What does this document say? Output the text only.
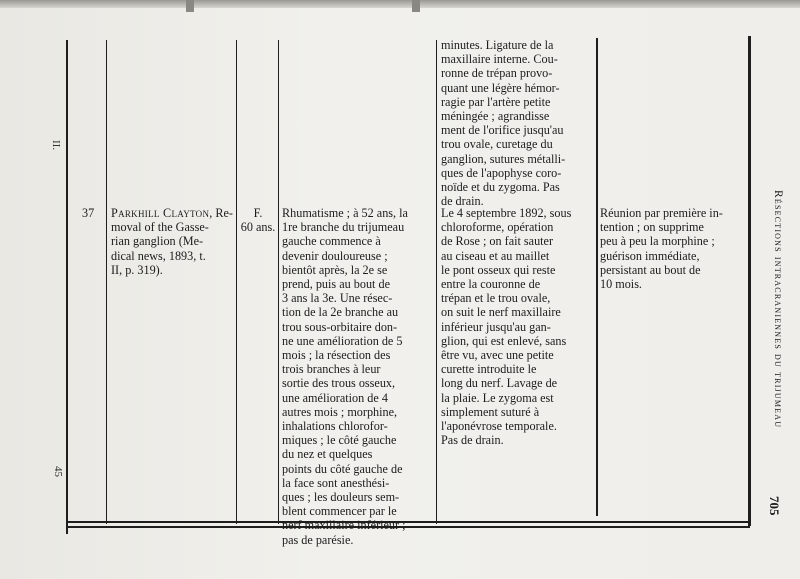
II.
45

minutes. Ligature de la

maxillaire interne. Cou-

ronne de trépan provo-

quant une légère hémor-

ragie par l'artère petite

méningée ; agrandisse

ment de l'orifice jusqu'au

trou ovale, curetage du

ganglion, sutures métalli-

ques de l'apophyse coro-

noïde et du zygoma. Pas

de drain.

37	Parkhill Clayton, Re-

moval of the Gasse-

rian ganglion (Me-

dical news, 1893, t.

II, p. 319).

F.

60 ans.

Rhumatisme ; à 52 ans, la

1re branche du trijumeau

gauche commence à

devenir douloureuse ;

bientôt après, la 2e se

prend, puis au bout de

3 ans la 3e. Une résec-

tion de la 2e branche au

trou sous-orbitaire don-

ne une amélioration de 5

mois ; la résection des

trois branches à leur

sortie des trous osseux,

une amélioration de 4

autres mois ; morphine,

inhalations chlorofor-

miques ; le côté gauche

du nez et quelques

points du côté gauche de

la face sont anesthési-

ques ; les douleurs sem-

blent commencer par le

nerf maxillaire inférieur ;

pas de parésie.

Le 4 septembre 1892, sous

chloroforme, opération

de Rose ; on fait sauter

au ciseau et au maillet

le pont osseux qui reste

entre la couronne de

trépan et le trou ovale,

on suit le nerf maxillaire

inférieur jusqu'au gan-

glion, qui est enlevé, sans

être vu, avec une petite

curette introduite le

long du nerf. Lavage de

la plaie. Le zygoma est

simplement suturé à

l'aponévrose temporale.

Pas de drain.

Réunion par première in-

tention ; on supprime

peu à peu la morphine ;

guérison immédiate,

persistant au bout de

10 mois.	Résections intracraniennes du trijumeau
705
